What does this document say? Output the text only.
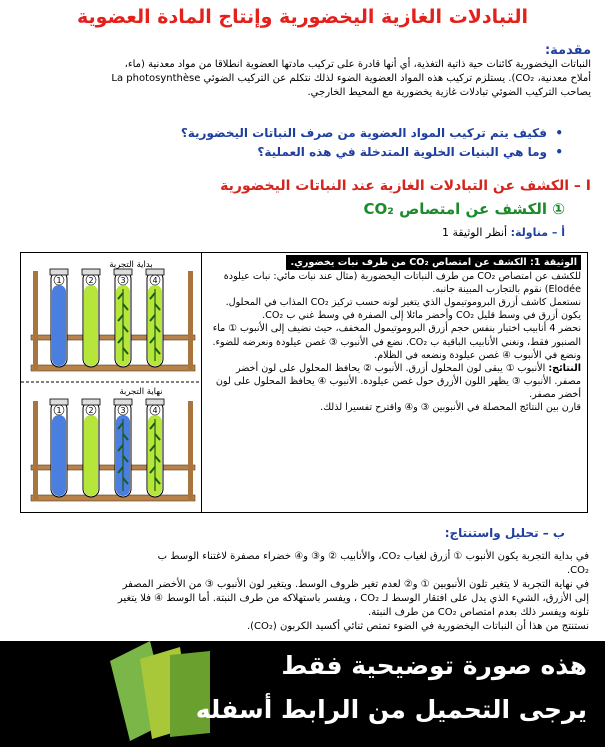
التبادلات الغازية اليخضورية وإنتاج المادة العضوية
مقدمة:
النباتات اليخضورية كائنات حية ذاتية التغذية، أي أنها قادرة على تركيب مادتها العضوية انطلاقا من مواد معدنية (ماء،
أملاح معدنية، CO₂). يستلزم تركيب هذه المواد العضوية الضوء لذلك نتكلم عن التركيب الضوئي La photosynthèse
يصاحب التركيب الضوئي تبادلات غازية يخضورية مع المحيط الخارجي.
• فكيف يتم تركيب المواد العضوية من صرف النباتات اليخضورية؟
• وما هي البنيات الخلوية المتدخلة في هذه العملية؟
I – الكشف عن التبادلات الغازية عند النباتات اليخضورية
① الكشف عن امتصاص CO₂
أ – مناولة: أنظر الوثيقة 1
1	2	3	4
1	2	3	4
بداية التجربة
نهاية التجربة
الوثيقة 1: الكشف عن امتصاص CO₂ من طرف نبات يخضوري.
للكشف عن امتصاص CO₂ من طرف النباتات اليخضورية (مثال عند نبات مائي: نبات عيلودة Elodée) نقوم بالتجارب المبينة جانبه.
نستعمل كاشف أزرق البروموتيمول الذي يتغير لونه حسب تركيز CO₂ المذاب في المحلول. يكون أزرق في وسط قليل CO₂ وأخضر مائلا إلى الصفرة في وسط غني ب CO₂.
نحضر 4 أنابيب اختبار بنفس حجم أزرق البروموتيمول المخفف، حيث نضيف إلى الأنبوب ① ماء الصنبور فقط، ونغني الأنابيب الباقية ب CO₂. نضع في الأنبوب ③ غصن عيلودة ونعرضه للضوء. ونضع في الأنبوب ④ غصن عيلودة ونضعه في الظلام.
النتائج: الأنبوب ① يبقى لون المحلول أزرق. الأنبوب ② يحافظ المحلول على لون أخضر مصفر. الأنبوب ③ يظهر اللون الأزرق حول غصن عيلودة. الأنبوب ④ يحافظ المحلول على لون أخضر مصفر.
قارن بين النتائج المحصلة في الأنبوبين ③ و④ واقترح تفسيرا لذلك.
ب – تحليل واستنتاج:
في بداية التجربة يكون الأنبوب ① أزرق لغياب CO₂، والأنابيب ② و③ و④ خضراء مصفرة لاغتناء الوسط ب
CO₂.
في نهاية التجربة لا يتغير تلون الأنبوبين ① و② لعدم تغير ظروف الوسط. ويتغير لون الأنبوب ③ من الأخضر المصفر
إلى الأزرق، الشيء الذي يدل على افتقار الوسط لـ CO₂ ، ويفسر باستهلاكه من طرف النبتة. أما الوسط ④ فلا يتغير
تلونه ويفسر ذلك بعدم امتصاص CO₂ من طرف النبتة.
نستنتج من هذا أن النباتات اليخضورية في الضوء تمتص ثنائي أكسيد الكربون (CO₂).
هذه صورة توضيحية فقط
يرجى التحميل من الرابط أسفله
